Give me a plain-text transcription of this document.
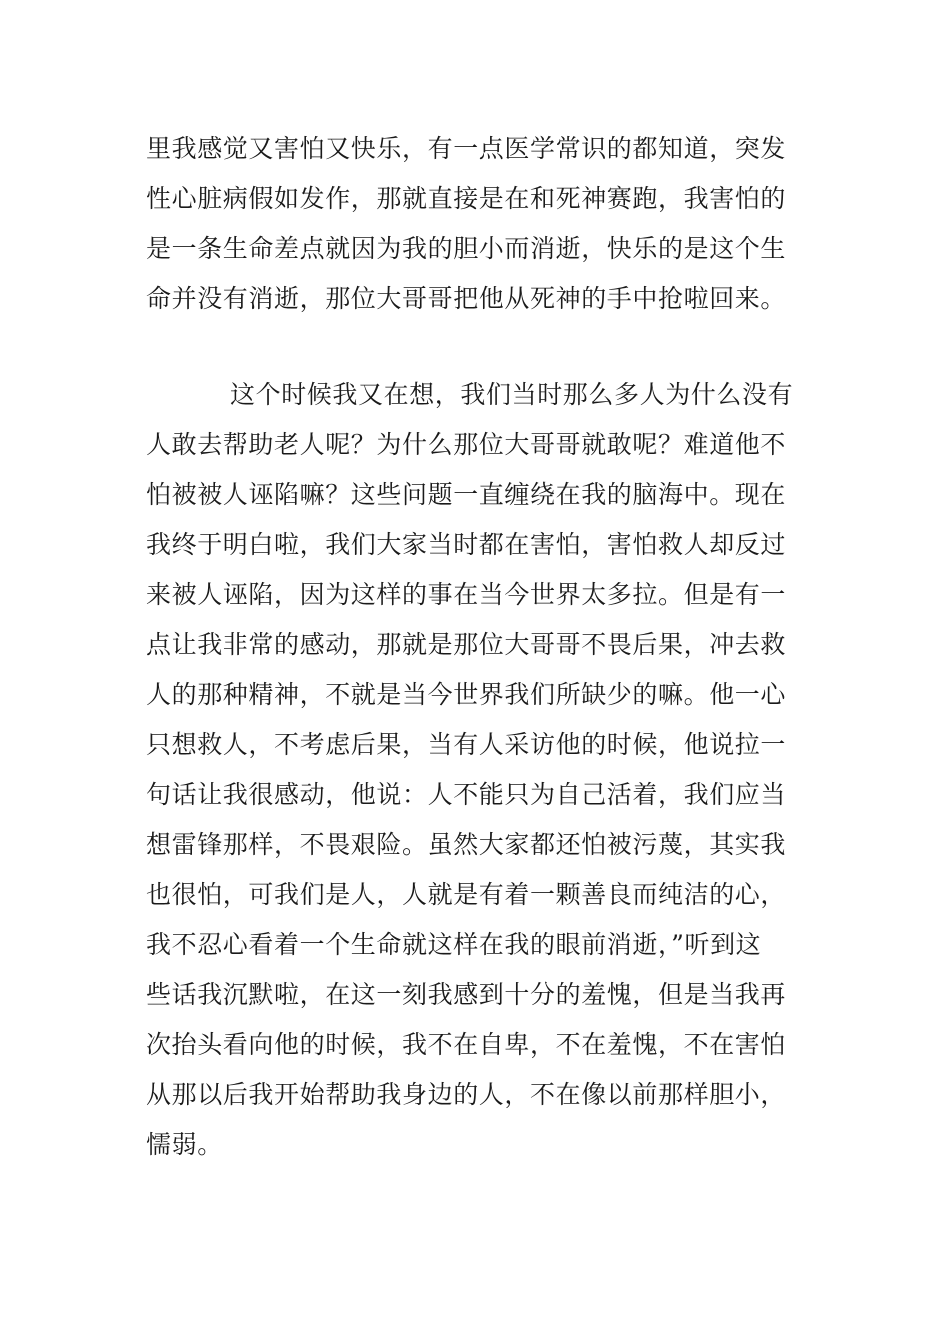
里我感觉又害怕又快乐，有一点医学常识的都知道，突发
性心脏病假如发作，那就直接是在和死神赛跑，我害怕的
是一条生命差点就因为我的胆小而消逝，快乐的是这个生
命并没有消逝，那位大哥哥把他从死神的手中抢啦回来。
这个时候我又在想，我们当时那么多人为什么没有
人敢去帮助老人呢？为什么那位大哥哥就敢呢？难道他不
怕被被人诬陷嘛？这些问题一直缠绕在我的脑海中。现在
我终于明白啦，我们大家当时都在害怕，害怕救人却反过
来被人诬陷，因为这样的事在当今世界太多拉。但是有一
点让我非常的感动，那就是那位大哥哥不畏后果，冲去救
人的那种精神，不就是当今世界我们所缺少的嘛。他一心
只想救人，不考虑后果，当有人采访他的时候，他说拉一
句话让我很感动，他说：人不能只为自己活着，我们应当
想雷锋那样，不畏艰险。虽然大家都还怕被污蔑，其实我
也很怕，可我们是人，人就是有着一颗善良而纯洁的心，
我不忍心看着一个生命就这样在我的眼前消逝，”听到这
些话我沉默啦，在这一刻我感到十分的羞愧，但是当我再
次抬头看向他的时候，我不在自卑，不在羞愧，不在害怕
从那以后我开始帮助我身边的人，不在像以前那样胆小，
懦弱。
